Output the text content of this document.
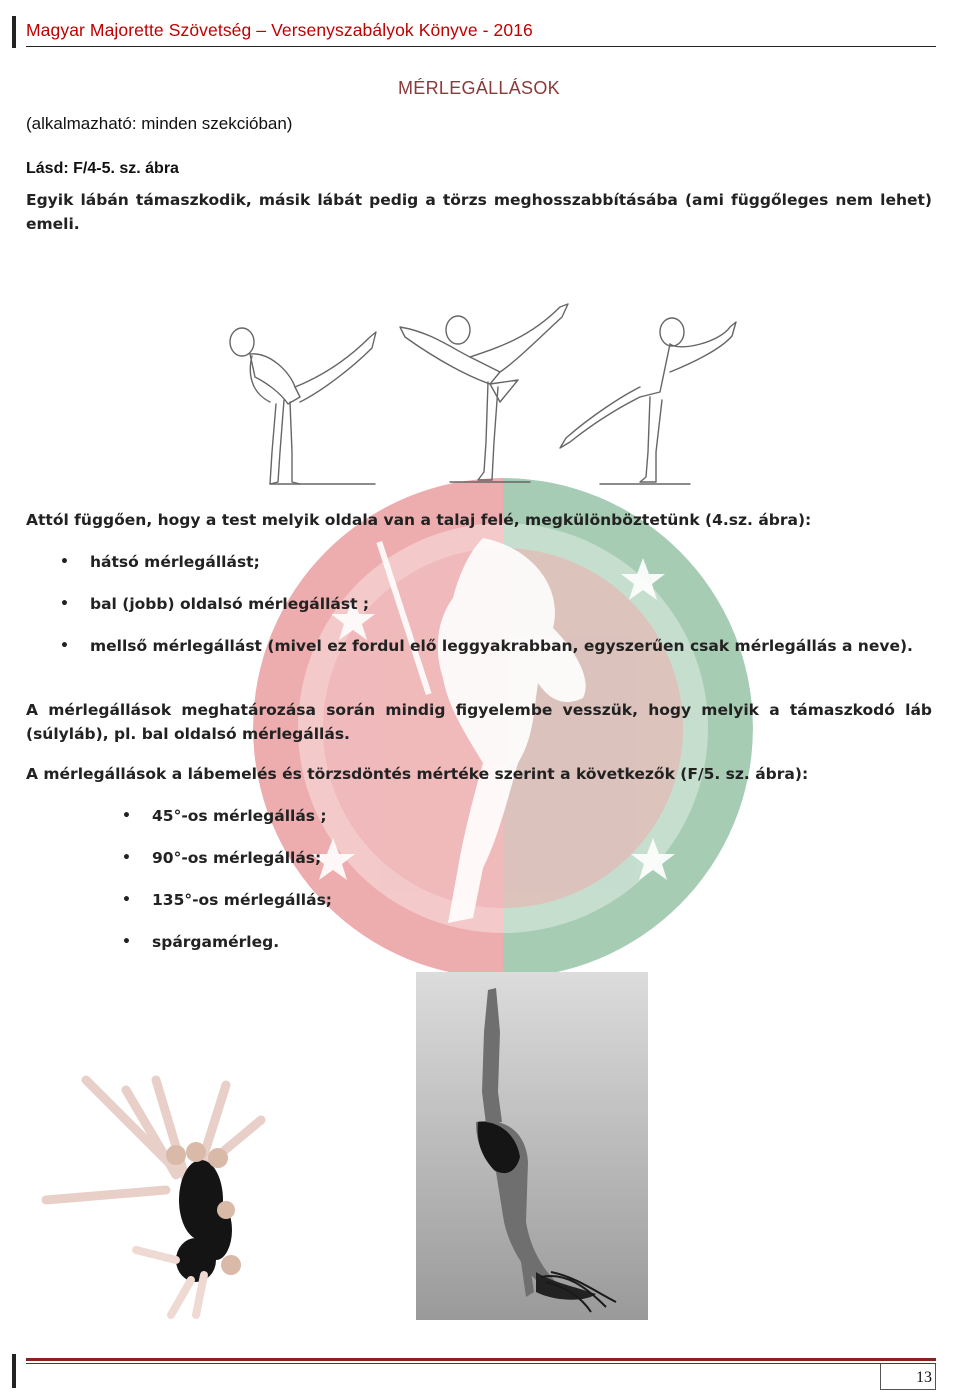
Magyar Majorette Szövetség – Versenyszabályok Könyve - 2016
MÉRLEGÁLLÁSOK
(alkalmazható: minden szekcióban)
Lásd: F/4-5. sz. ábra
Egyik lábán támaszkodik, másik lábát pedig a törzs meghosszabbításába (ami függőleges nem lehet) emeli.
Attól függően, hogy a test melyik oldala van a talaj felé, megkülönböztetünk (4.sz. ábra):
• hátsó mérlegállást;
• bal (jobb) oldalsó mérlegállást ;
• mellső mérlegállást (mivel ez fordul elő leggyakrabban, egyszerűen csak mérlegállás a neve).
A mérlegállások meghatározása során mindig figyelembe vesszük, hogy melyik a támaszkodó láb (súlyláb), pl. bal oldalsó mérlegállás.
A mérlegállások a lábemelés és törzsdöntés mértéke szerint a következők (F/5. sz. ábra):
• 45°-os mérlegállás ;
• 90°-os mérlegállás;
• 135°-os mérlegállás;
• spárgamérleg.
13
